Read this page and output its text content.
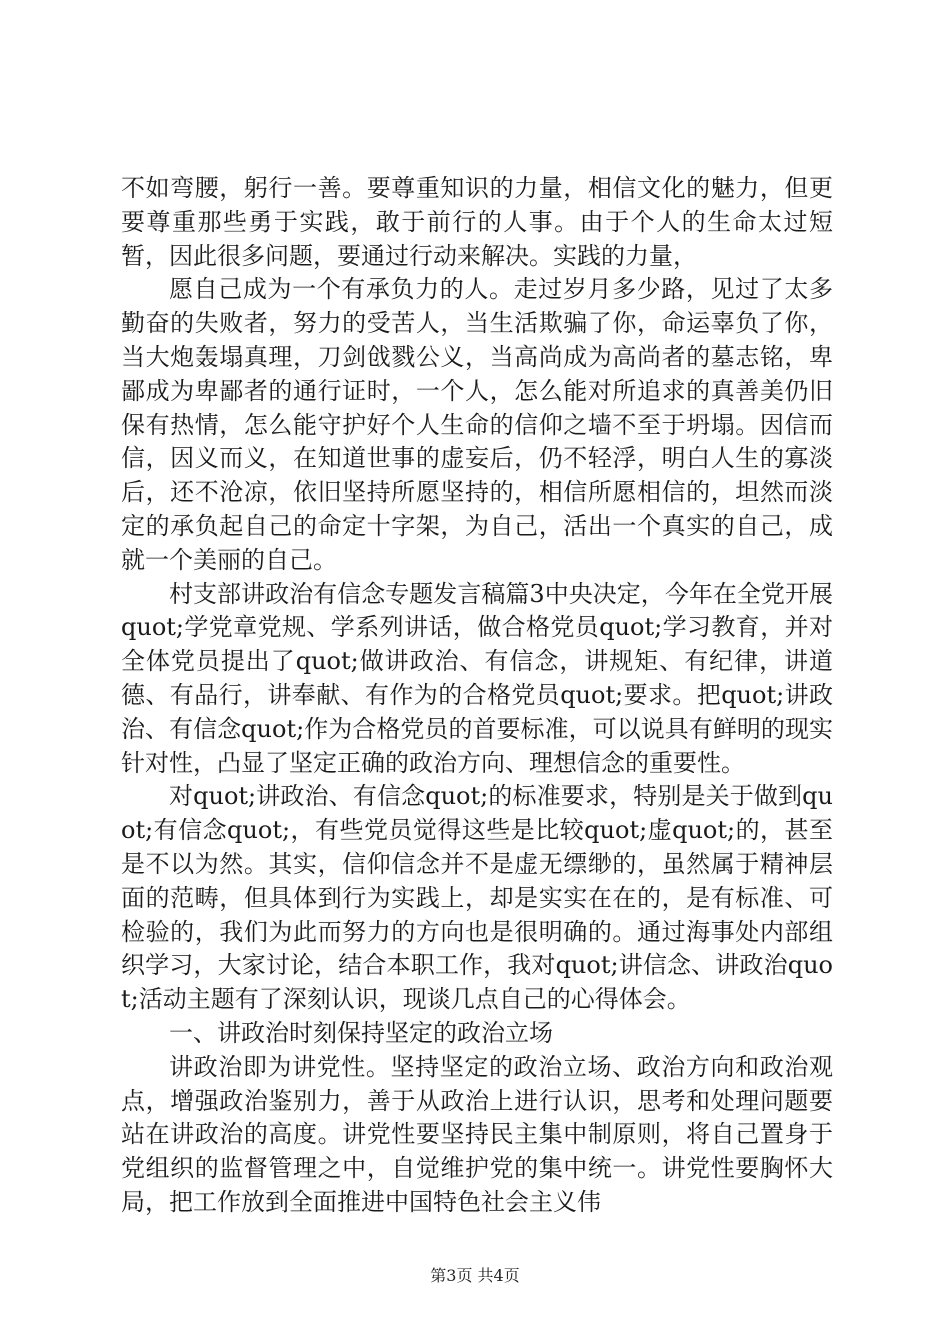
不如弯腰，躬行一善。要尊重知识的力量，相信文化的魅力，但更要尊重那些勇于实践，敢于前行的人事。由于个人的生命太过短暂，因此很多问题，要通过行动来解决。实践的力量，

愿自己成为一个有承负力的人。走过岁月多少路，见过了太多勤奋的失败者，努力的受苦人，当生活欺骗了你，命运辜负了你，当大炮轰塌真理，刀剑戗戮公义，当高尚成为高尚者的墓志铭，卑鄙成为卑鄙者的通行证时，一个人，怎么能对所追求的真善美仍旧保有热情，怎么能守护好个人生命的信仰之墙不至于坍塌。因信而信，因义而义，在知道世事的虚妄后，仍不轻浮，明白人生的寡淡后，还不沧凉，依旧坚持所愿坚持的，相信所愿相信的，坦然而淡定的承负起自己的命定十字架，为自己，活出一个真实的自己，成就一个美丽的自己。

村支部讲政治有信念专题发言稿篇3中央决定，今年在全党开展quot;学党章党规、学系列讲话，做合格党员quot;学习教育，并对全体党员提出了quot;做讲政治、有信念，讲规矩、有纪律，讲道德、有品行，讲奉献、有作为的合格党员quot;要求。把quot;讲政治、有信念quot;作为合格党员的首要标准，可以说具有鲜明的现实针对性，凸显了坚定正确的政治方向、理想信念的重要性。

对quot;讲政治、有信念quot;的标准要求，特别是关于做到quot;有信念quot;，有些党员觉得这些是比较quot;虚quot;的，甚至是不以为然。其实，信仰信念并不是虚无缥缈的，虽然属于精神层面的范畴，但具体到行为实践上，却是实实在在的，是有标准、可检验的，我们为此而努力的方向也是很明确的。通过海事处内部组织学习，大家讨论，结合本职工作，我对quot;讲信念、讲政治quot;活动主题有了深刻认识，现谈几点自己的心得体会。

一、讲政治时刻保持坚定的政治立场

讲政治即为讲党性。坚持坚定的政治立场、政治方向和政治观点，增强政治鉴别力，善于从政治上进行认识，思考和处理问题要站在讲政治的高度。讲党性要坚持民主集中制原则，将自己置身于党组织的监督管理之中，自觉维护党的集中统一。讲党性要胸怀大局，把工作放到全面推进中国特色社会主义伟

第3页 共4页
